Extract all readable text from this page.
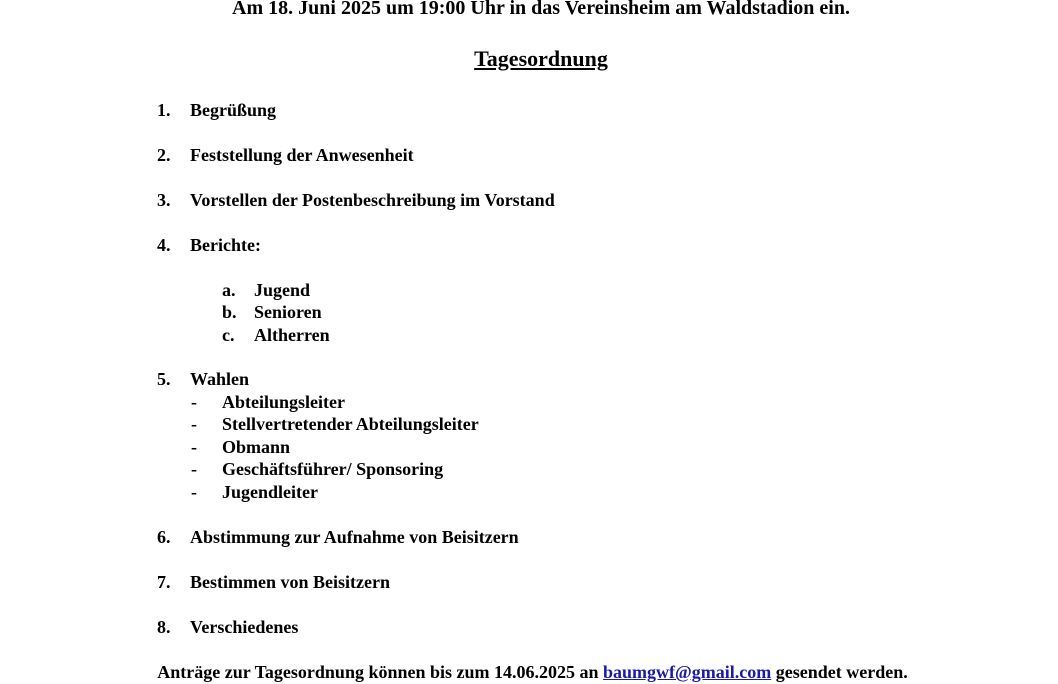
Am 18. Juni 2025 um 19:00 Uhr in das Vereinsheim am Waldstadion ein.
Tagesordnung
1. Begrüßung
2. Feststellung der Anwesenheit
3. Vorstellen der Postenbeschreibung im Vorstand
4. Berichte:
a. Jugend
b. Senioren
c. Altherren
5. Wahlen
- Abteilungsleiter
- Stellvertretender Abteilungsleiter
- Obmann
- Geschäftsführer/ Sponsoring
- Jugendleiter
6. Abstimmung zur Aufnahme von Beisitzern
7. Bestimmen von Beisitzern
8. Verschiedenes
Anträge zur Tagesordnung können bis zum 14.06.2025 an baumgwf@gmail.com gesendet werden.
